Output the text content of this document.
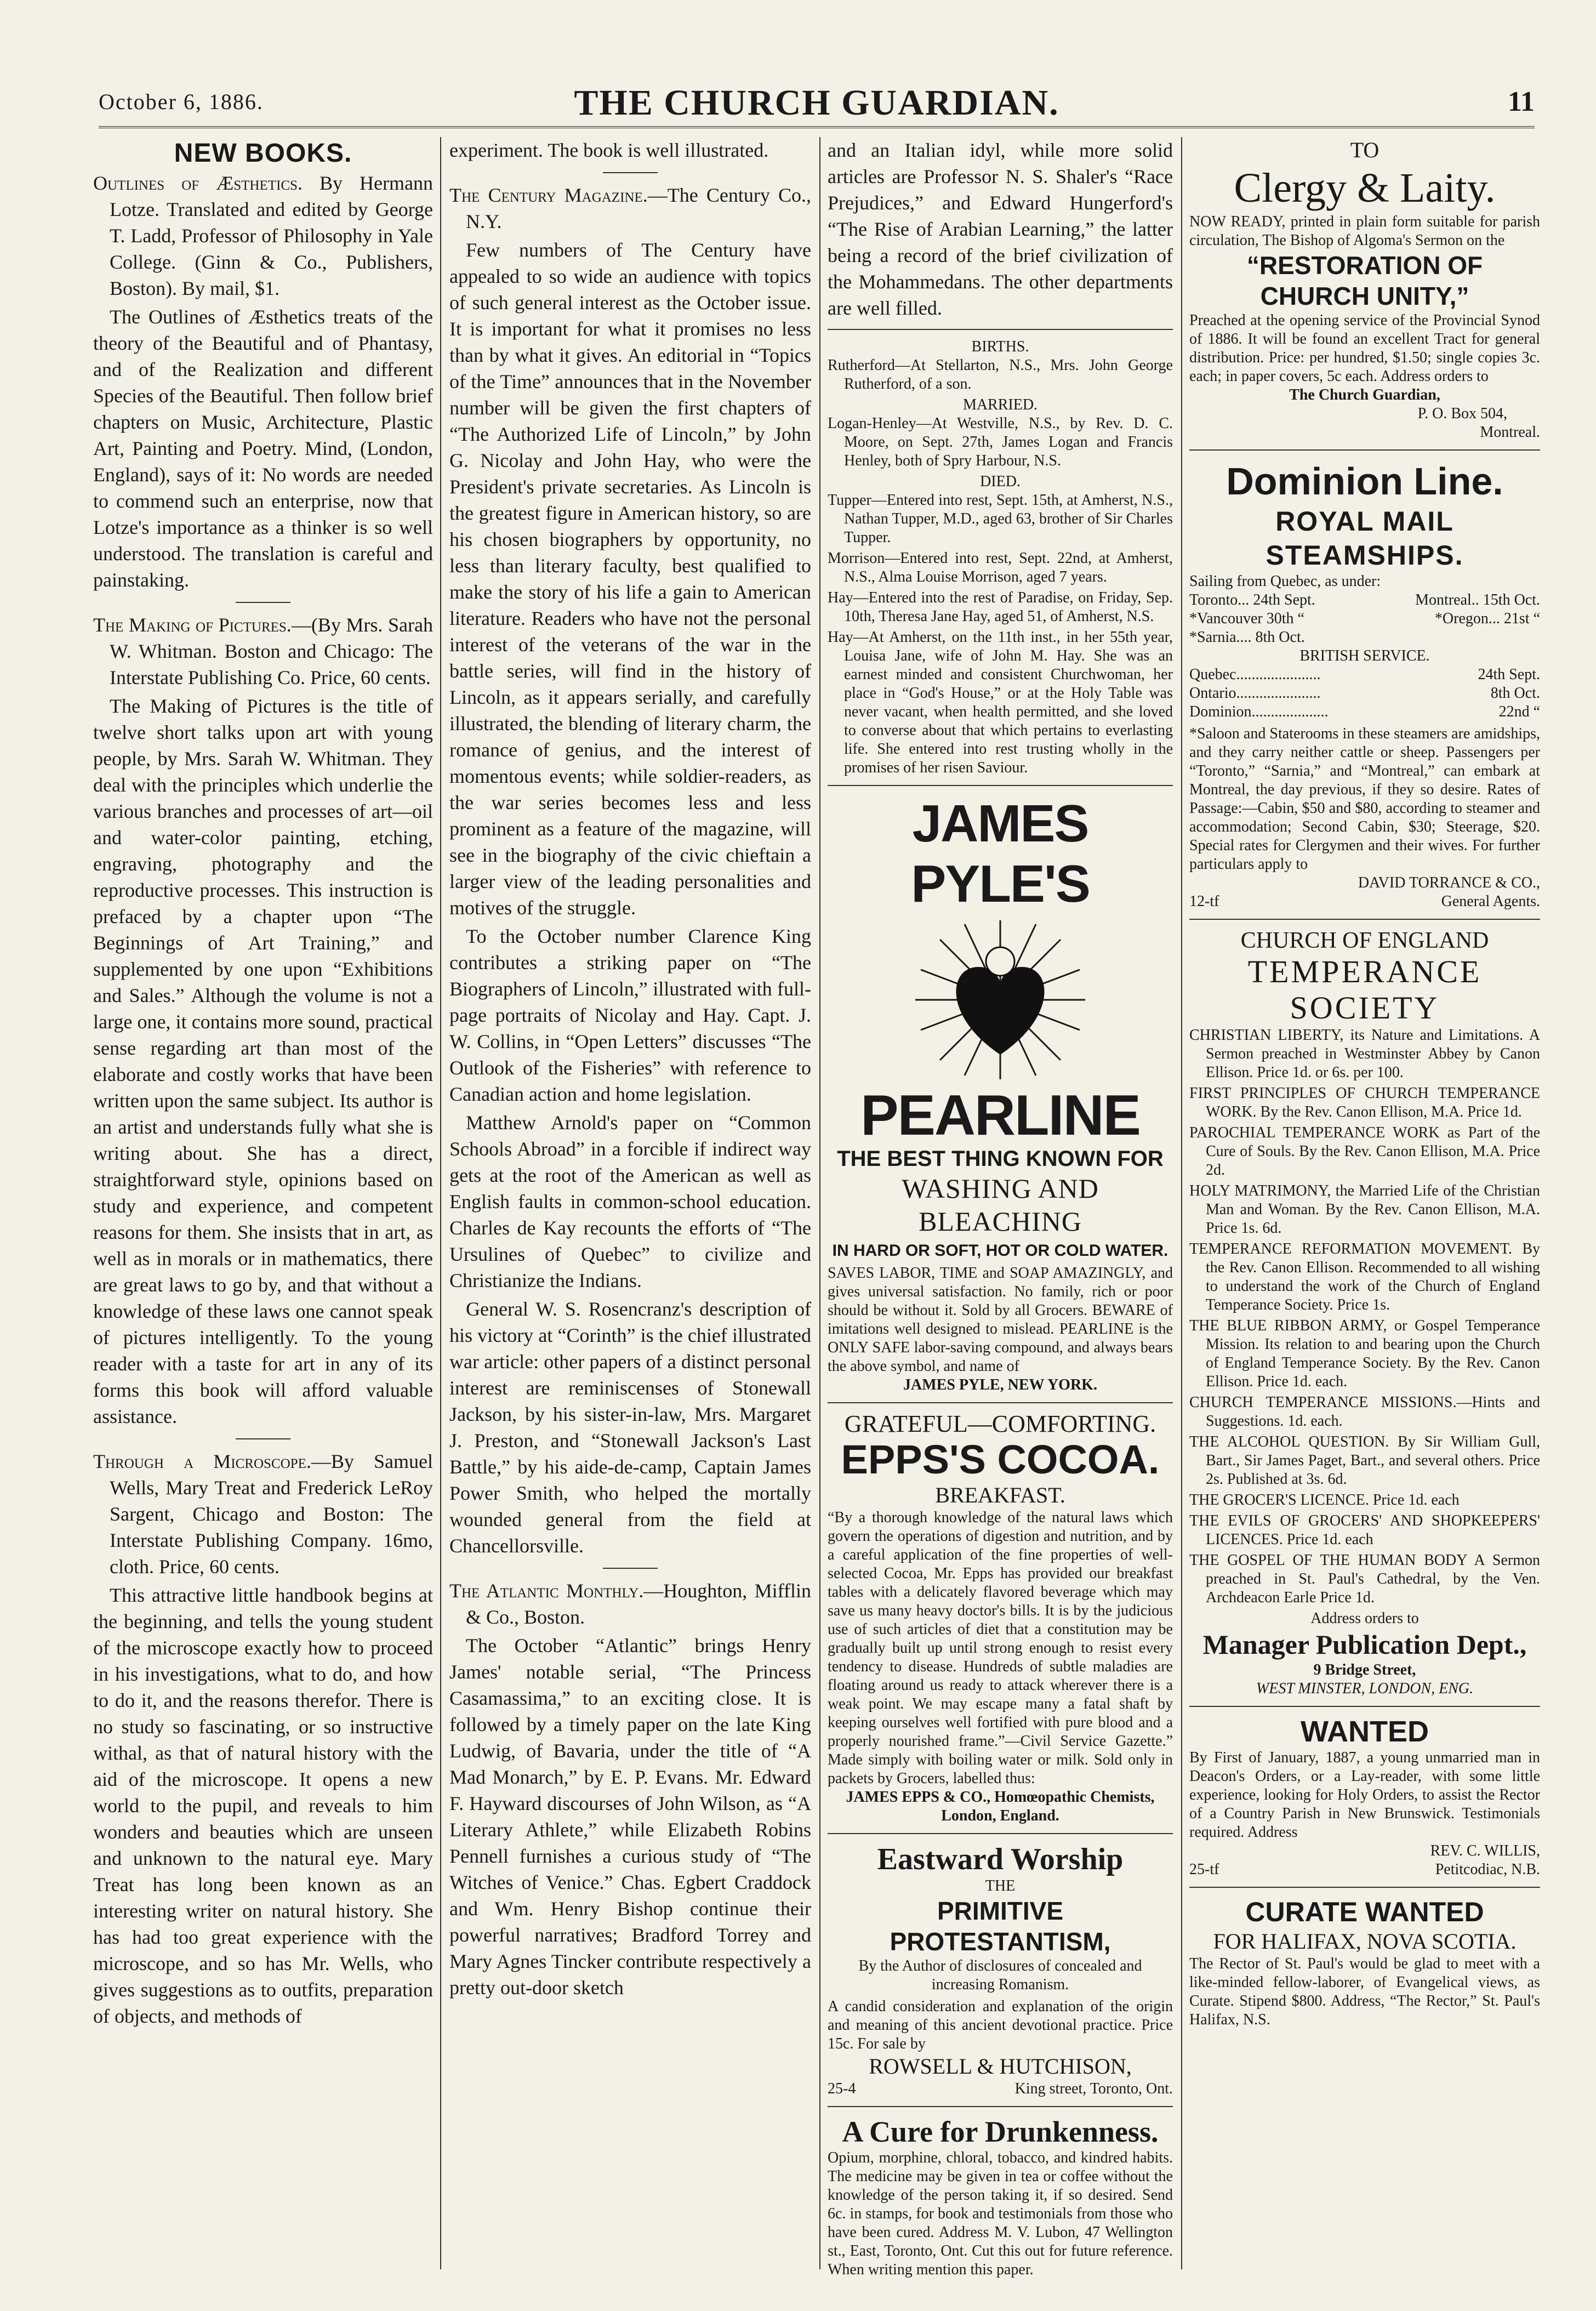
October 6, 1886.	THE CHURCH GUARDIAN.	11
NEW BOOKS.
Outlines of Æsthetics. By Hermann Lotze. Translated and edited by George T. Ladd, Professor of Philosophy in Yale College. (Ginn & Co., Publishers, Boston). By mail, $1.

The Outlines of Æsthetics treats of the theory of the Beautiful and of Phantasy, and of the Realization and different Species of the Beautiful. Then follow brief chapters on Music, Architecture, Plastic Art, Painting and Poetry. Mind, (London, England), says of it: No words are needed to commend such an enterprise, now that Lotze's importance as a thinker is so well understood. The translation is careful and painstaking.

The Making of Pictures.—(By Mrs. Sarah W. Whitman. Boston and Chicago: The Interstate Publishing Co. Price, 60 cents.

The Making of Pictures is the title of twelve short talks upon art with young people, by Mrs. Sarah W. Whitman. They deal with the principles which underlie the various branches and processes of art—oil and water-color painting, etching, engraving, photography and the reproductive processes. This instruction is prefaced by a chapter upon “The Beginnings of Art Training,” and supplemented by one upon “Exhibitions and Sales.” Although the volume is not a large one, it contains more sound, practical sense regarding art than most of the elaborate and costly works that have been written upon the same subject. Its author is an artist and understands fully what she is writing about. She has a direct, straightforward style, opinions based on study and experience, and competent reasons for them. She insists that in art, as well as in morals or in mathematics, there are great laws to go by, and that without a knowledge of these laws one cannot speak of pictures intelligently. To the young reader with a taste for art in any of its forms this book will afford valuable assistance.

Through a Microscope.—By Samuel Wells, Mary Treat and Frederick LeRoy Sargent, Chicago and Boston: The Interstate Publishing Company. 16mo, cloth. Price, 60 cents.

This attractive little handbook begins at the beginning, and tells the young student of the microscope exactly how to proceed in his investigations, what to do, and how to do it, and the reasons therefor. There is no study so fascinating, or so instructive withal, as that of natural history with the aid of the microscope. It opens a new world to the pupil, and reveals to him wonders and beauties which are unseen and unknown to the natural eye. Mary Treat has long been known as an interesting writer on natural history. She has had too great experience with the microscope, and so has Mr. Wells, who gives suggestions as to outfits, preparation of objects, and methods of

experiment. The book is well illustrated.

The Century Magazine.—The Century Co., N.Y.

Few numbers of The Century have appealed to so wide an audience with topics of such general interest as the October issue. It is important for what it promises no less than by what it gives. An editorial in “Topics of the Time” announces that in the November number will be given the first chapters of “The Authorized Life of Lincoln,” by John G. Nicolay and John Hay, who were the President's private secretaries. As Lincoln is the greatest figure in American history, so are his chosen biographers by opportunity, no less than literary faculty, best qualified to make the story of his life a gain to American literature. Readers who have not the personal interest of the veterans of the war in the battle series, will find in the history of Lincoln, as it appears serially, and carefully illustrated, the blending of literary charm, the romance of genius, and the interest of momentous events; while soldier-readers, as the war series becomes less and less prominent as a feature of the magazine, will see in the biography of the civic chieftain a larger view of the leading personalities and motives of the struggle.

To the October number Clarence King contributes a striking paper on “The Biographers of Lincoln,” illustrated with full-page portraits of Nicolay and Hay. Capt. J. W. Collins, in “Open Letters” discusses “The Outlook of the Fisheries” with reference to Canadian action and home legislation.

Matthew Arnold's paper on “Common Schools Abroad” in a forcible if indirect way gets at the root of the American as well as English faults in common-school education. Charles de Kay recounts the efforts of “The Ursulines of Quebec” to civilize and Christianize the Indians.

General W. S. Rosencranz's description of his victory at “Corinth” is the chief illustrated war article: other papers of a distinct personal interest are reminiscenses of Stonewall Jackson, by his sister-in-law, Mrs. Margaret J. Preston, and “Stonewall Jackson's Last Battle,” by his aide-de-camp, Captain James Power Smith, who helped the mortally wounded general from the field at Chancellorsville.

The Atlantic Monthly.—Houghton, Mifflin & Co., Boston.

The October “Atlantic” brings Henry James' notable serial, “The Princess Casamassima,” to an exciting close. It is followed by a timely paper on the late King Ludwig, of Bavaria, under the title of “A Mad Monarch,” by E. P. Evans. Mr. Edward F. Hayward discourses of John Wilson, as “A Literary Athlete,” while Elizabeth Robins Pennell furnishes a curious study of “The Witches of Venice.” Chas. Egbert Craddock and Wm. Henry Bishop continue their powerful narratives; Bradford Torrey and Mary Agnes Tincker contribute respectively a pretty out-door sketch

and an Italian idyl, while more solid articles are Professor N. S. Shaler's “Race Prejudices,” and Edward Hungerford's “The Rise of Arabian Learning,” the latter being a record of the brief civilization of the Mohammedans. The other departments are well filled.

BIRTHS.
Rutherford—At Stellarton, N.S., Mrs. John George Rutherford, of a son.
MARRIED.
Logan-Henley—At Westville, N.S., by Rev. D. C. Moore, on Sept. 27th, James Logan and Francis Henley, both of Spry Harbour, N.S.
DIED.
Tupper—Entered into rest, Sept. 15th, at Amherst, N.S., Nathan Tupper, M.D., aged 63, brother of Sir Charles Tupper.
Morrison—Entered into rest, Sept. 22nd, at Amherst, N.S., Alma Louise Morrison, aged 7 years.
Hay—Entered into the rest of Paradise, on Friday, Sep. 10th, Theresa Jane Hay, aged 51, of Amherst, N.S.
Hay—At Amherst, on the 11th inst., in her 55th year, Louisa Jane, wife of John M. Hay. She was an earnest minded and consistent Churchwoman, her place in “God's House,” or at the Holy Table was never vacant, when health permitted, and she loved to converse about that which pertains to everlasting life. She entered into rest trusting wholly in the promises of her risen Saviour.
JAMES PYLE'S
PEARLINE
THE BEST THING KNOWN FOR
WASHING AND BLEACHING
IN HARD OR SOFT, HOT OR COLD WATER.
SAVES LABOR, TIME and SOAP AMAZINGLY, and gives universal satisfaction. No family, rich or poor should be without it. Sold by all Grocers. BEWARE of imitations well designed to mislead. PEARLINE is the ONLY SAFE labor-saving compound, and always bears the above symbol, and name of
JAMES PYLE, NEW YORK.
GRATEFUL—COMFORTING.
EPPS'S COCOA.
BREAKFAST.
“By a thorough knowledge of the natural laws which govern the operations of digestion and nutrition, and by a careful application of the fine properties of well-selected Cocoa, Mr. Epps has provided our breakfast tables with a delicately flavored beverage which may save us many heavy doctor's bills. It is by the judicious use of such articles of diet that a constitution may be gradually built up until strong enough to resist every tendency to disease. Hundreds of subtle maladies are floating around us ready to attack wherever there is a weak point. We may escape many a fatal shaft by keeping ourselves well fortified with pure blood and a properly nourished frame.”—Civil Service Gazette.” Made simply with boiling water or milk. Sold only in packets by Grocers, labelled thus:
JAMES EPPS & CO., Homœopathic Chemists, London, England.
Eastward Worship
THE
PRIMITIVE PROTESTANTISM,
By the Author of disclosures of concealed and increasing Romanism.
A candid consideration and explanation of the origin and meaning of this ancient devotional practice. Price 15c. For sale by
ROWSELL & HUTCHISON,
25-4	King street, Toronto, Ont.
A Cure for Drunkenness.
Opium, morphine, chloral, tobacco, and kindred habits. The medicine may be given in tea or coffee without the knowledge of the person taking it, if so desired. Send 6c. in stamps, for book and testimonials from those who have been cured. Address M. V. Lubon, 47 Wellington st., East, Toronto, Ont. Cut this out for future reference. When writing mention this paper.
TO
Clergy & Laity.
NOW READY, printed in plain form suitable for parish circulation, The Bishop of Algoma's Sermon on the
“RESTORATION OF CHURCH UNITY,”
Preached at the opening service of the Provincial Synod of 1886. It will be found an excellent Tract for general distribution. Price: per hundred, $1.50; single copies 3c. each; in paper covers, 5c each. Address orders to
The Church Guardian,
P. O. Box 504,
Montreal.
Dominion Line.
ROYAL MAIL STEAMSHIPS.
Sailing from Quebec, as under:
Toronto... 24th Sept.	Montreal.. 15th Oct.
*Vancouver 30th “	*Oregon... 21st “
*Sarnia.... 8th Oct.
BRITISH SERVICE.
Quebec......................	24th Sept.
Ontario......................	8th Oct.
Dominion....................	22nd “
*Saloon and Staterooms in these steamers are amidships, and they carry neither cattle or sheep. Passengers per “Toronto,” “Sarnia,” and “Montreal,” can embark at Montreal, the day previous, if they so desire. Rates of Passage:—Cabin, $50 and $80, according to steamer and accommodation; Second Cabin, $30; Steerage, $20. Special rates for Clergymen and their wives. For further particulars apply to
DAVID TORRANCE & CO.,
12-tf	General Agents.
CHURCH OF ENGLAND
TEMPERANCE SOCIETY
CHRISTIAN LIBERTY, its Nature and Limitations. A Sermon preached in Westminster Abbey by Canon Ellison. Price 1d. or 6s. per 100.
FIRST PRINCIPLES OF CHURCH TEMPERANCE WORK. By the Rev. Canon Ellison, M.A. Price 1d.
PAROCHIAL TEMPERANCE WORK as Part of the Cure of Souls. By the Rev. Canon Ellison, M.A. Price 2d.
HOLY MATRIMONY, the Married Life of the Christian Man and Woman. By the Rev. Canon Ellison, M.A. Price 1s. 6d.
TEMPERANCE REFORMATION MOVEMENT. By the Rev. Canon Ellison. Recommended to all wishing to understand the work of the Church of England Temperance Society. Price 1s.
THE BLUE RIBBON ARMY, or Gospel Temperance Mission. Its relation to and bearing upon the Church of England Temperance Society. By the Rev. Canon Ellison. Price 1d. each.
CHURCH TEMPERANCE MISSIONS.—Hints and Suggestions. 1d. each.
THE ALCOHOL QUESTION. By Sir William Gull, Bart., Sir James Paget, Bart., and several others. Price 2s. Published at 3s. 6d.
THE GROCER'S LICENCE. Price 1d. each
THE EVILS OF GROCERS' AND SHOPKEEPERS' LICENCES. Price 1d. each
THE GOSPEL OF THE HUMAN BODY A Sermon preached in St. Paul's Cathedral, by the Ven. Archdeacon Earle Price 1d.
Address orders to
Manager Publication Dept.,
9 Bridge Street,
WEST MINSTER, LONDON, ENG.
WANTED
By First of January, 1887, a young unmarried man in Deacon's Orders, or a Lay-reader, with some little experience, looking for Holy Orders, to assist the Rector of a Country Parish in New Brunswick. Testimonials required. Address
REV. C. WILLIS,
25-tf	Petitcodiac, N.B.
CURATE WANTED
FOR HALIFAX, NOVA SCOTIA.
The Rector of St. Paul's would be glad to meet with a like-minded fellow-laborer, of Evangelical views, as Curate. Stipend $800. Address, “The Rector,” St. Paul's Halifax, N.S.
